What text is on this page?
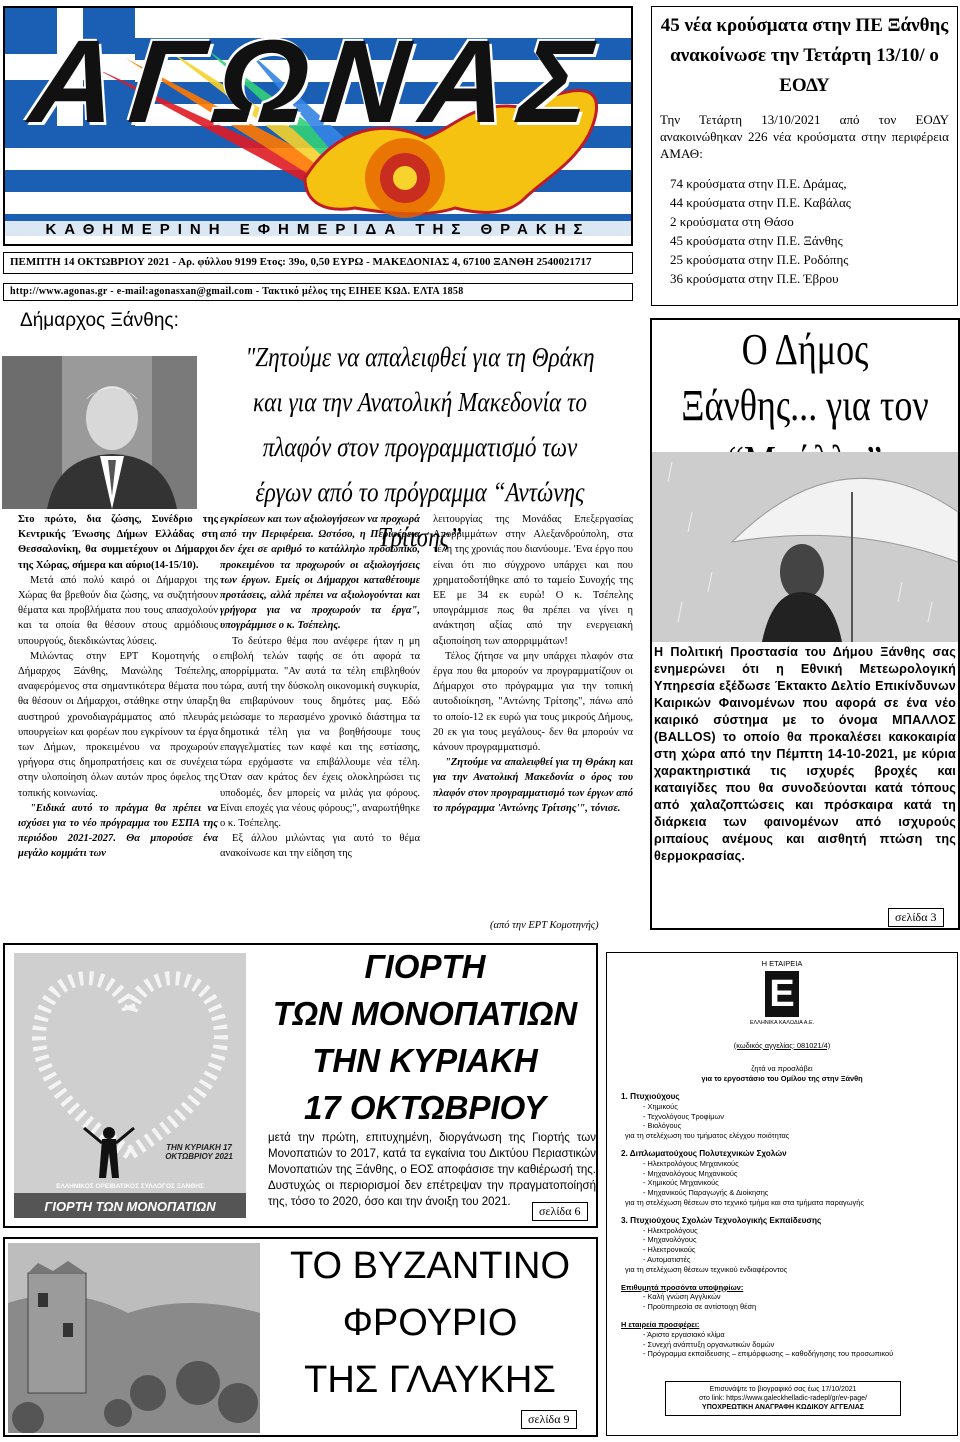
ΑΓΩΝΑΣ
ΚΑΘΗΜΕΡΙΝΗ ΕΦΗΜΕΡΙΔΑ ΤΗΣ ΘΡΑΚΗΣ
ΠΕΜΠΤΗ 14 ΟΚΤΩΒΡΙΟΥ 2021 - Αρ. φύλλου 9199 Ετος: 39ο, 0,50 ΕΥΡΩ - ΜΑΚΕΔΟΝΙΑΣ 4, 67100 ΞΑΝΘΗ 2540021717
http://www.agonas.gr - e-mail:agonasxan@gmail.com - Τακτικό μέλος της ΕΙΗΕΕ ΚΩΔ. ΕΛΤΑ 1858
45 νέα κρούσματα στην ΠΕ Ξάνθης ανακοίνωσε την Τετάρτη 13/10/ ο ΕΟΔΥ
Την Τετάρτη 13/10/2021 από τον ΕΟΔΥ ανακοινώθηκαν 226 νέα κρούσματα στην περιφέρεια ΑΜΑΘ:
74 κρούσματα στην Π.Ε. Δράμας,
44 κρούσματα στην Π.Ε. Καβάλας
2 κρούσματα στη Θάσο
45 κρούσματα στην Π.Ε. Ξάνθης
25 κρούσματα στην Π.Ε. Ροδόπης
36 κρούσματα στην Π.Ε. Έβρου
Δήμαρχος Ξάνθης:
"Ζητούμε να απαλειφθεί για τη Θράκη και για την Ανατολική Μακεδονία το πλαφόν στον προγραμματισμό των έργων από το πρόγραμμα “Αντώνης Τρίτσης”

Στο πρώτο, δια ζώσης, Συνέδριο της Κεντρικής Ένωσης Δήμων Ελλάδας στη Θεσσαλονίκη, θα συμμετέχουν οι Δήμαρχοι της Χώρας, σήμερα και αύριο(14-15/10).

Μετά από πολύ καιρό οι Δήμαρχοι της Χώρας θα βρεθούν δια ζώσης, να συζητήσουν θέματα και προβλήματα που τους απασχολούν και τα οποία θα θέσουν στους αρμόδιους υπουργούς, διεκδικώντας λύσεις.

Μιλώντας στην ΕΡΤ Κομοτηνής ο Δήμαρχος Ξάνθης, Μανώλης Τσέπελης, αναφερόμενος στα σημαντικότερα θέματα που θα θέσουν οι Δήμαρχοι, στάθηκε στην ύπαρξη αυστηρού χρονοδιαγράμματος από πλευράς υπουργείων και φορέων που εγκρίνουν τα έργα των Δήμων, προκειμένου να προχωρούν γρήγορα στις δημοπρατήσεις και σε συνέχεια στην υλοποίηση όλων αυτών προς όφελος της τοπικής κοινωνίας.

"Ειδικά αυτό το πράγμα θα πρέπει να ισχύσει για το νέο πρόγραμμα του ΕΣΠΑ της περιόδου 2021-2027. Θα μπορούσε ένα μεγάλο κομμάτι των

εγκρίσεων και των αξιολογήσεων να προχωρά από την Περιφέρεια. Ωστόσο, η Περιφέρεια δεν έχει σε αριθμό το κατάλληλο προσωπικό, προκειμένου τα προχωρούν οι αξιολογήσεις των έργων. Εμείς οι Δήμαρχοι καταθέτουμε προτάσεις, αλλά πρέπει να αξιολογούνται και γρήγορα για να προχωρούν τα έργα", υπογράμμισε ο κ. Τσέπελης.

Το δεύτερο θέμα που ανέφερε ήταν η μη επιβολή τελών ταφής σε ότι αφορά τα απορρίμματα. "Αν αυτά τα τέλη επιβληθούν τώρα, αυτή την δύσκολη οικονομική συγκυρία, θα επιβαρύνουν τους δημότες μας. Εδώ μειώσαμε το περασμένο χρονικό διάστημα τα δημοτικά τέλη για να βοηθήσουμε τους επαγγελματίες των καφέ και της εστίασης, τώρα ερχόμαστε να επιβάλλουμε νέα τέλη. Όταν σαν κράτος δεν έχεις ολοκληρώσει τις υποδομές, δεν μπορείς να μιλάς για φόρους. Είναι εποχές για νέους φόρους;", αναρωτήθηκε ο κ. Τσέπελης.

Εξ άλλου μιλώντας για αυτό το θέμα ανακοίνωσε και την είδηση της

λειτουργίας της Μονάδας Επεξεργασίας Απορριμμάτων στην Αλεξανδρούπολη, στα τέλη της χρονιάς που διανύουμε. 'Ενα έργο που είναι ότι πιο σύγχρονο υπάρχει και που χρηματοδοτήθηκε από το ταμείο Συνοχής της ΕΕ με 34 εκ ευρώ! Ο κ. Τσέπελης υπογράμμισε πως θα πρέπει να γίνει η ανάκτηση αξίας από την ενεργειακή αξιοποίηση των απορριμμάτων!

Τέλος ζήτησε να μην υπάρχει πλαφόν στα έργα που θα μπορούν να προγραμματίζουν οι Δήμαρχοι στο πρόγραμμα για την τοπική αυτοδιοίκηση, "Αντώνης Τρίτσης", πάνω από το οποίο-12 εκ ευρώ για τους μικρούς Δήμους, 20 εκ για τους μεγάλους- δεν θα μπορούν να κάνουν προγραμματισμό.

"Ζητούμε να απαλειφθεί για τη Θράκη και για την Ανατολική Μακεδονία ο όρος του πλαφόν στον προγραμματισμό των έργων από το πρόγραμμα 'Αντώνης Τρίτσης'", τόνισε.

(από την ΕΡΤ Κομοτηνής)
Ο Δήμος Ξάνθης... για τον
Η Πολιτική Προστασία του Δήμου Ξάνθης σας ενημερώνει ότι η Εθνική Μετεωρολογική Υπηρεσία εξέδωσε Έκτακτο Δελτίο Επικίνδυνων Καιρικών Φαινομένων που αφορά σε ένα νέο καιρικό σύστημα με το όνομα ΜΠΑΛΛΟΣ (BALLOS) το οποίο θα προκαλέσει κακοκαιρία στη χώρα από την Πέμπτη 14-10-2021, με κύρια χαρακτηριστικά τις ισχυρές βροχές και καταιγίδες που θα συνοδεύονται κατά τόπους από χαλαζοπτώσεις και πρόσκαιρα κατά τη διάρκεια των φαινομένων από ισχυρούς ριπαίους ανέμους και αισθητή πτώση της θερμοκρασίας.
σελίδα 3
ΤΗΝ ΚΥΡΙΑΚΗ 17 ΟΚΤΩΒΡΙΟΥ 2021
ΕΛΛΗΝΙΚΟΣ ΟΡΕΙΒΑΤΙΚΟΣ ΣΥΛΛΟΓΟΣ ΞΑΝΘΗΣ
ΓΙΟΡΤΗ ΤΩΝ ΜΟΝΟΠΑΤΙΩΝ
ΓΙΟΡΤΗ
ΤΩΝ ΜΟΝΟΠΑΤΙΩΝ
ΤΗΝ ΚΥΡΙΑΚΗ
17 ΟΚΤΩΒΡΙΟΥ
μετά την πρώτη, επιτυχημένη, διοργάνωση της Γιορτής των Μονοπατιών το 2017, κατά τα εγκαίνια του Δικτύου Περιαστικών Μονοπατιών της Ξάνθης, ο ΕΟΣ αποφάσισε την καθιέρωσή της. Δυστυχώς οι περιορισμοί δεν επέτρεψαν την πραγματοποίησή της, τόσο το 2020, όσο και την άνοιξη του 2021.
σελίδα 6
ΤΟ ΒΥΖΑΝΤΙΝΟ
ΦΡΟΥΡΙΟ
ΤΗΣ ΓΛΑΥΚΗΣ
σελίδα 9
Η ΕΤΑΙΡΕΙΑ
Ε
ΕΛΛΗΝΙΚΑ ΚΑΛΩΔΙΑ Α.Ε.
(κωδικός αγγελίας: 081021/4)
ζητά να προσλάβει
για το εργοστάσιο του Ομίλου της στην Ξάνθη
1. Πτυχιούχους
- Χημικούς
- Τεχνολόγους Τροφίμων
- Βιολόγους
για τη στελέχωση του τμήματος ελέγχου ποιότητας
2. Διπλωματούχους Πολυτεχνικών Σχολών
- Ηλεκτρολόγους Μηχανικούς
- Μηχανολόγους Μηχανικούς
- Χημικούς Μηχανικούς
- Μηχανικούς Παραγωγής & Διοίκησης
για τη στελέχωση θέσεων στο τεχνικό τμήμα και στα τμήματα παραγωγής
3. Πτυχιούχους Σχολών Τεχνολογικής Εκπαίδευσης
- Ηλεκτρολόγους
- Μηχανολόγους
- Ηλεκτρονικούς
- Αυτοματιστές
για τη στελέχωση θέσεων τεχνικού ενδιαφέροντος
Επιθυμητά προσόντα υποψηφίων:
- Καλή γνώση Αγγλικών
- Προϋπηρεσία σε αντίστοιχη θέση
Η εταιρεία προσφέρει:
- Άριστο εργασιακό κλίμα
- Συνεχή ανάπτυξη οργανωτικών δομών
- Πρόγραμμα εκπαίδευσης – επιμόρφωσης – καθοδήγησης του προσωπικού
Επισυνάψτε το βιογραφικό σας έως 17/10/2021
στο link: https://www.galeckhelladic-radepl/gr/ev-page/
ΥΠΟΧΡΕΩΤΙΚΗ ΑΝΑΓΡΑΦΗ ΚΩΔΙΚΟΥ ΑΓΓΕΛΙΑΣ
